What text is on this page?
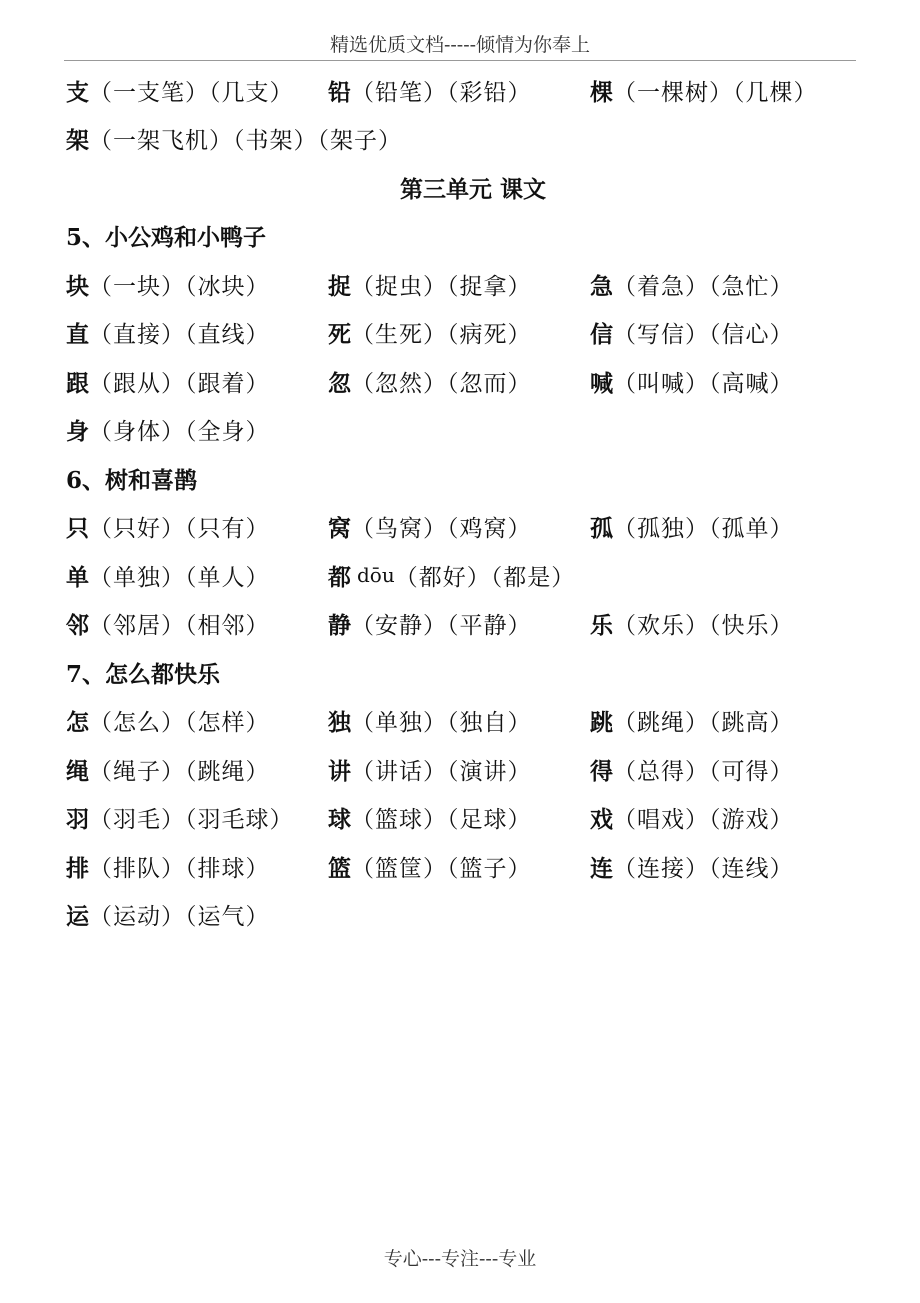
精选优质文档-----倾情为你奉上
支 （一支笔）（几支） 铅 （铅笔）（彩铅）	棵 （一棵树）（几棵）
架 （一架飞机）（书架）（架子）
第三单元 课文
5、小公鸡和小鸭子
块 （一块）（冰块）	捉 （捉虫）（捉拿）	急 （着急）（急忙）
直 （直接）（直线）	死 （生死）（病死）	信 （写信）（信心）
跟 （跟从）（跟着）	忽 （忽然）（忽而）	喊 （叫喊）（高喊）
身 （身体）（全身）
6、树和喜鹊
只 （只好）（只有）	窝 （鸟窝）（鸡窝）	孤 （孤独）（孤单）
单 （单独）（单人）	都 dōu （都好）（都是）
邻 （邻居）（相邻）	静 （安静）（平静）	乐 （欢乐）（快乐）
7、怎么都快乐
怎 （怎么）（怎样）	独 （单独）（独自）	跳 （跳绳）（跳高）
绳 （绳子）（跳绳）	讲 （讲话）（演讲）	得 （总得）（可得）
羽 （羽毛）（羽毛球） 球 （篮球）（足球）	戏 （唱戏）（游戏）
排 （排队）（排球）	篮 （篮筐）（篮子）	连 （连接）（连线）
运 （运动）（运气）
专心---专注---专业
